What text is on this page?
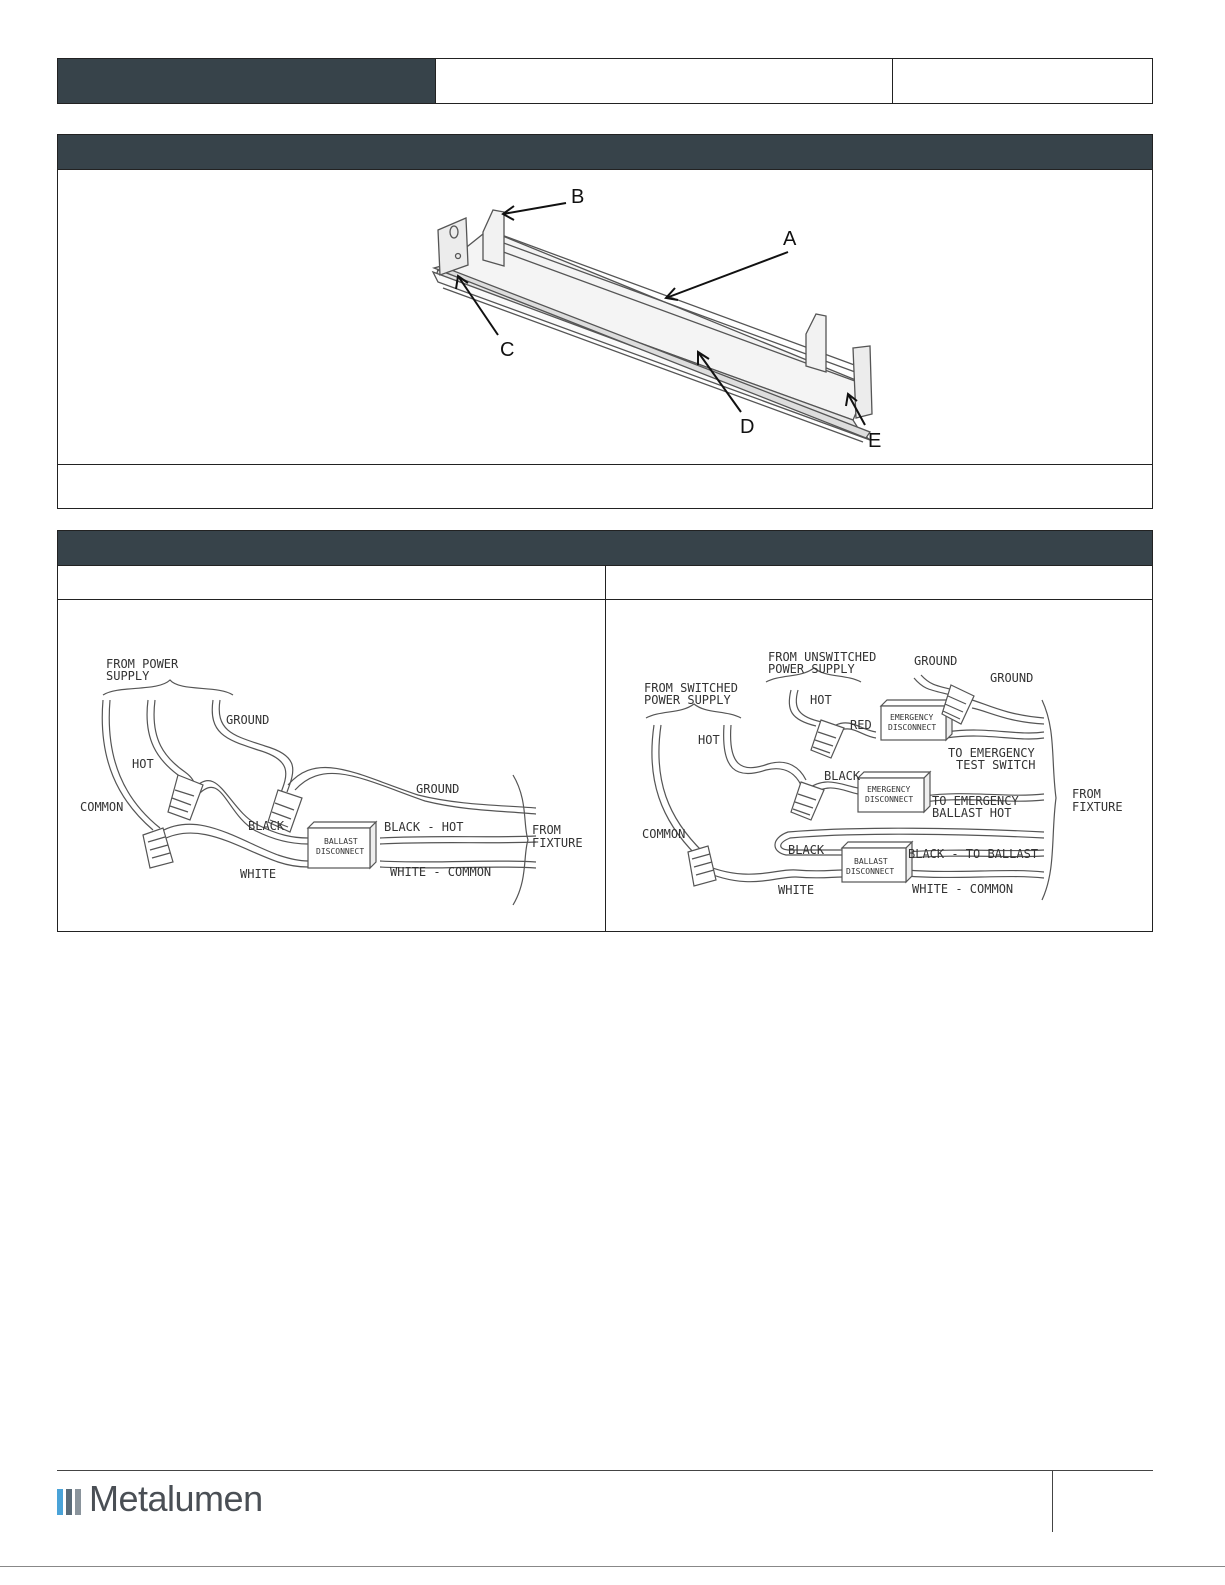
A
B
C
D
E
FROM POWER
SUPPLY
GROUND
HOT
COMMON
BLACK
WHITE
GROUND
BLACK - HOT
WHITE - COMMON
FROM
FIXTURE
BALLAST
DISCONNECT
FROM SWITCHED
POWER SUPPLY
FROM UNSWITCHED
POWER SUPPLY
GROUND
GROUND
HOT
HOT
RED
BLACK
EMERGENCY
DISCONNECT
EMERGENCY
DISCONNECT
TO EMERGENCY
TEST SWITCH
TO EMERGENCY
BALLAST HOT
FROM
FIXTURE
COMMON
BLACK
WHITE
BALLAST
DISCONNECT
BLACK - TO BALLAST
WHITE - COMMON
Metalumen
